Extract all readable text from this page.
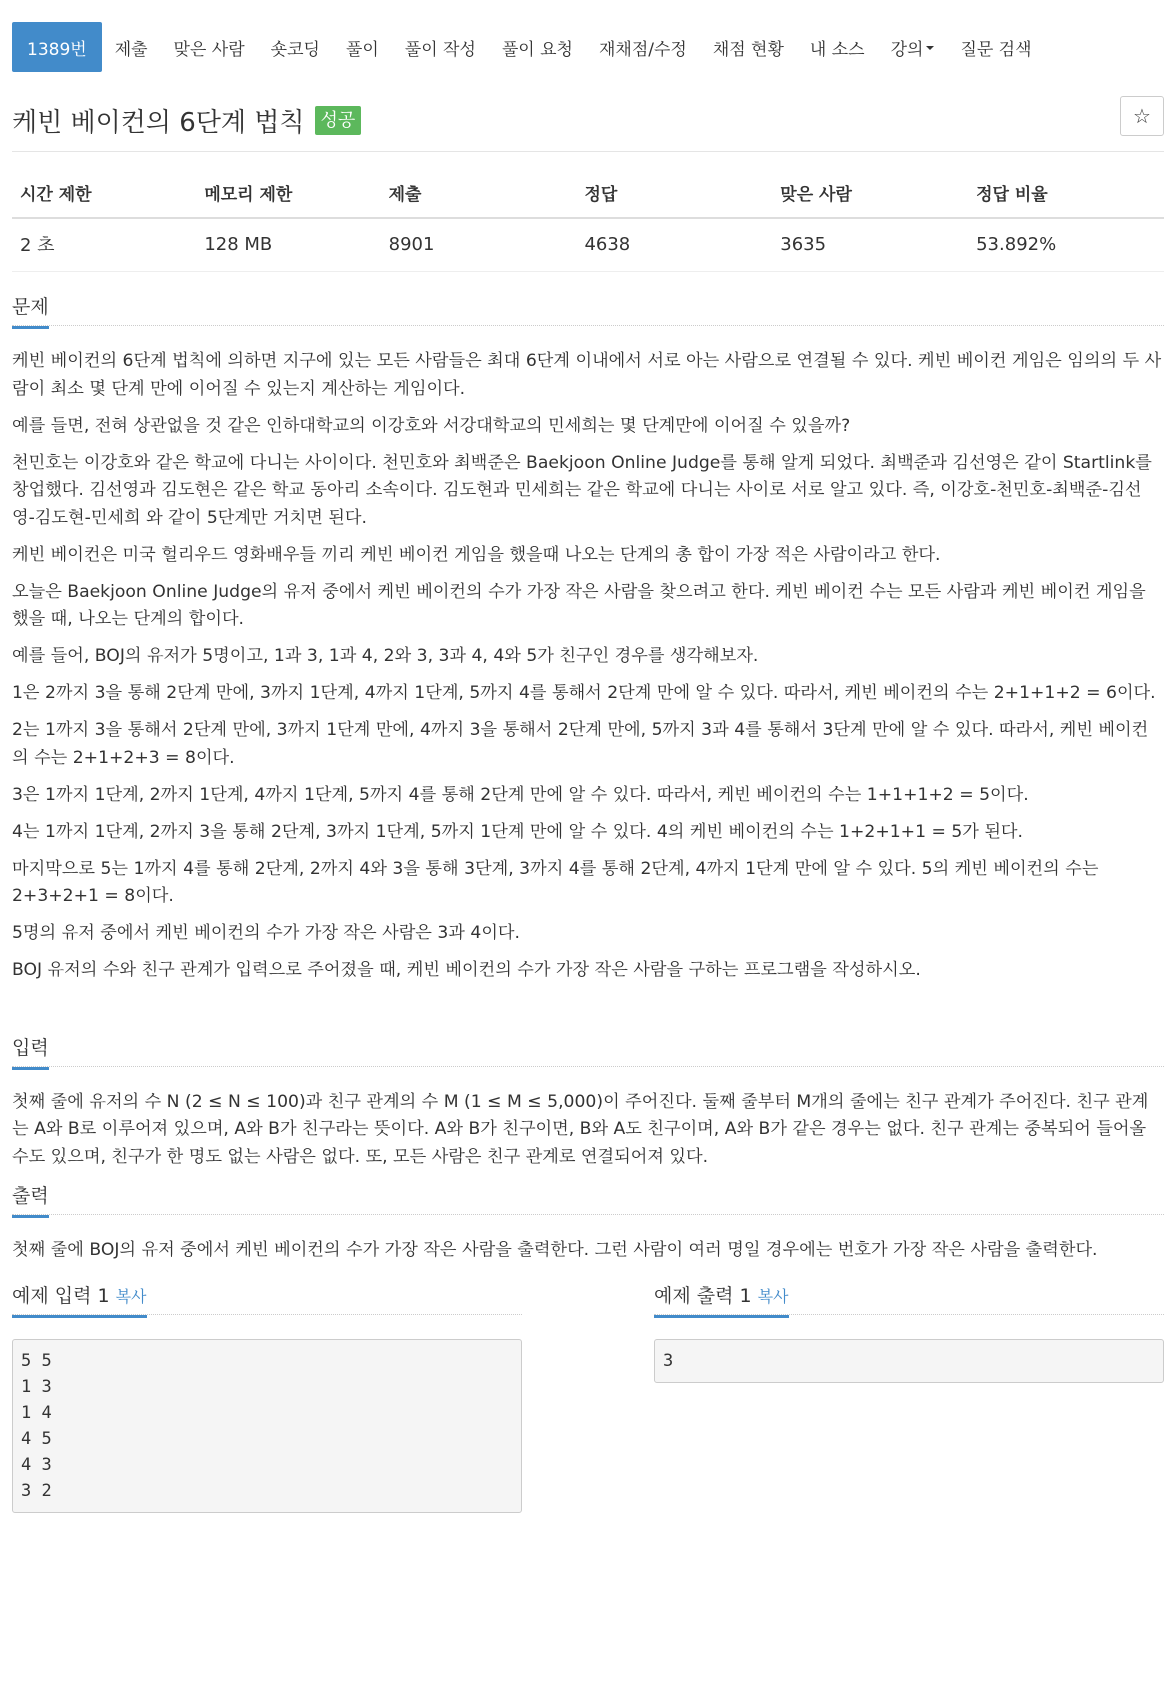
1389번	제출	맞은 사람	숏코딩	풀이	풀이 작성	풀이 요청	재채점/수정	채점 현황	내 소스	강의	질문 검색
케빈 베이컨의 6단계 법칙 성공	☆
시간 제한	메모리 제한	제출	정답	맞은 사람	정답 비율
2 초	128 MB	8901	4638	3635	53.892%
문제

케빈 베이컨의 6단계 법칙에 의하면 지구에 있는 모든 사람들은 최대 6단계 이내에서 서로 아는 사람으로 연결될 수 있다. 케빈 베이컨 게임은 임의의 두 사람이 최소 몇 단계 만에 이어질 수 있는지 계산하는 게임이다.

예를 들면, 전혀 상관없을 것 같은 인하대학교의 이강호와 서강대학교의 민세희는 몇 단계만에 이어질 수 있을까?

천민호는 이강호와 같은 학교에 다니는 사이이다. 천민호와 최백준은 Baekjoon Online Judge를 통해 알게 되었다. 최백준과 김선영은 같이 Startlink를 창업했다. 김선영과 김도현은 같은 학교 동아리 소속이다. 김도현과 민세희는 같은 학교에 다니는 사이로 서로 알고 있다. 즉, 이강호-천민호-최백준-김선영-김도현-민세희 와 같이 5단계만 거치면 된다.

케빈 베이컨은 미국 헐리우드 영화배우들 끼리 케빈 베이컨 게임을 했을때 나오는 단계의 총 합이 가장 적은 사람이라고 한다.

오늘은 Baekjoon Online Judge의 유저 중에서 케빈 베이컨의 수가 가장 작은 사람을 찾으려고 한다. 케빈 베이컨 수는 모든 사람과 케빈 베이컨 게임을 했을 때, 나오는 단계의 합이다.

예를 들어, BOJ의 유저가 5명이고, 1과 3, 1과 4, 2와 3, 3과 4, 4와 5가 친구인 경우를 생각해보자.

1은 2까지 3을 통해 2단계 만에, 3까지 1단계, 4까지 1단계, 5까지 4를 통해서 2단계 만에 알 수 있다. 따라서, 케빈 베이컨의 수는 2+1+1+2 = 6이다.

2는 1까지 3을 통해서 2단계 만에, 3까지 1단계 만에, 4까지 3을 통해서 2단계 만에, 5까지 3과 4를 통해서 3단계 만에 알 수 있다. 따라서, 케빈 베이컨의 수는 2+1+2+3 = 8이다.

3은 1까지 1단계, 2까지 1단계, 4까지 1단계, 5까지 4를 통해 2단계 만에 알 수 있다. 따라서, 케빈 베이컨의 수는 1+1+1+2 = 5이다.

4는 1까지 1단계, 2까지 3을 통해 2단계, 3까지 1단계, 5까지 1단계 만에 알 수 있다. 4의 케빈 베이컨의 수는 1+2+1+1 = 5가 된다.

마지막으로 5는 1까지 4를 통해 2단계, 2까지 4와 3을 통해 3단계, 3까지 4를 통해 2단계, 4까지 1단계 만에 알 수 있다. 5의 케빈 베이컨의 수는 2+3+2+1 = 8이다.

5명의 유저 중에서 케빈 베이컨의 수가 가장 작은 사람은 3과 4이다.

BOJ 유저의 수와 친구 관계가 입력으로 주어졌을 때, 케빈 베이컨의 수가 가장 작은 사람을 구하는 프로그램을 작성하시오.

입력

첫째 줄에 유저의 수 N (2 ≤ N ≤ 100)과 친구 관계의 수 M (1 ≤ M ≤ 5,000)이 주어진다. 둘째 줄부터 M개의 줄에는 친구 관계가 주어진다. 친구 관계는 A와 B로 이루어져 있으며, A와 B가 친구라는 뜻이다. A와 B가 친구이면, B와 A도 친구이며, A와 B가 같은 경우는 없다. 친구 관계는 중복되어 들어올 수도 있으며, 친구가 한 명도 없는 사람은 없다. 또, 모든 사람은 친구 관계로 연결되어져 있다.

출력

첫째 줄에 BOJ의 유저 중에서 케빈 베이컨의 수가 가장 작은 사람을 출력한다. 그런 사람이 여러 명일 경우에는 번호가 가장 작은 사람을 출력한다.

예제 입력 1 복사
5 5
1 3
1 4
4 5
4 3
3 2
예제 출력 1 복사
3
